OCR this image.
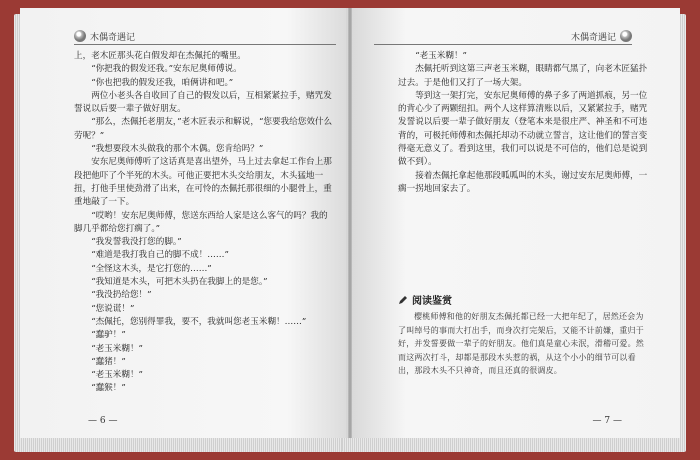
木偶奇遇记

上，老木匠那头花白假发却在杰佩托的嘴里。

“你把我的假发还我。”安东尼奥师傅说。

“你也把我的假发还我，咱俩讲和吧。”

两位小老头各自收回了自己的假发以后，互相紧紧拉手，赌咒发誓说以后要一辈子做好朋友。

“那么，杰佩托老朋友，”老木匠表示和解说，“您要我给您效什么劳呢？”

“我想要段木头做我的那个木偶。您肯给吗？”

安东尼奥师傅听了这话真是喜出望外，马上过去拿起工作台上那段把他吓了个半死的木头。可他正要把木头交给朋友，木头猛地一扭，打他手里使劲滑了出来，在可怜的杰佩托那很细的小腿骨上，重重地敲了一下。

“哎哟！安东尼奥师傅，您送东西给人家是这么客气的吗？我的脚几乎都给您打瘸了。”

“我发誓我没打您的脚。”

“难道是我打我自己的脚不成！……”

“全怪这木头，是它打您的……”

“我知道是木头，可把木头扔在我脚上的是您。”

“我没扔给您！”

“您说谎！”

“杰佩托，您别得罪我，要不，我就叫您老玉米糊！……”

“蠢驴！”

“老玉米糊！”

“蠢猪！”

“老玉米糊！”

“蠢猴！”

— 6 —
木偶奇遇记

“老玉米糊！”

杰佩托听到这第三声老玉米糊，眼睛都气黑了，向老木匠猛扑过去。于是他们又打了一场大架。

等到这一架打完，安东尼奥师傅的鼻子多了两道抓痕，另一位的背心少了两颗纽扣。两个人这样算清账以后，又紧紧拉手，赌咒发誓说以后要一辈子做好朋友（登笔本来是很庄严、神圣和不可违背的，可极托师傅和杰佩托却动不动就立誓言，这让他们的誓言变得毫无意义了。看到这里，我们可以说是不可信的，他们总是说到做不到）。

接着杰佩托拿起他那段呱呱叫的木头，谢过安东尼奥师傅，一瘸一拐地回家去了。

阅读鉴赏

樱桃师傅和他的好朋友杰佩托都已经一大把年纪了，居然还会为了叫绰号的事而大打出手，而身次打完架后，又能不计前嫌，重归于好，并发誓要做一辈子的好朋友。他们真是童心未泯，滑稽可爱。然而这两次打斗，却都是那段木头惹的祸，从这个小小的细节可以看出，那段木头不只神奇，而且还真的很调皮。

— 7 —
